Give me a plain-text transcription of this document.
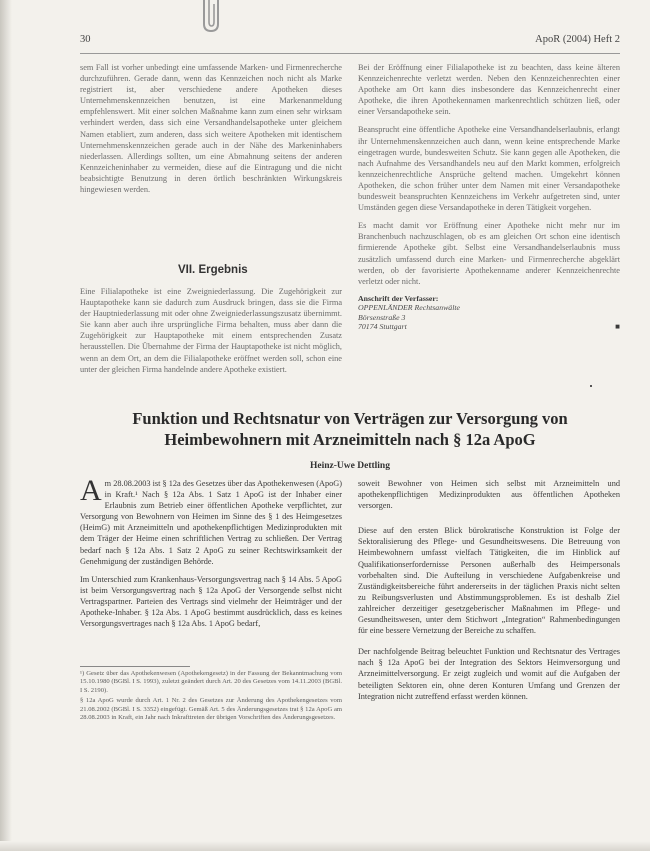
30	ApoR (2004) Heft 2

sem Fall ist vorher unbedingt eine umfassende Marken- und Firmenrecherche durchzuführen. Gerade dann, wenn das Kennzeichen noch nicht als Marke registriert ist, aber verschiedene andere Apotheken dieses Unternehmenskennzeichen benutzen, ist eine Markenanmeldung empfehlenswert. Mit einer solchen Maßnahme kann zum einen sehr wirksam verhindert werden, dass sich eine Versandhandelsapotheke unter gleichem Namen etabliert, zum anderen, dass sich weitere Apotheken mit identischem Unternehmenskennzeichen gerade auch in der Nähe des Markeninhabers niederlassen. Allerdings sollten, um eine Abmahnung seitens der anderen Kennzeicheninhaber zu vermeiden, diese auf die Eintragung und die nicht beabsichtigte Benutzung in deren örtlich beschränkten Wirkungskreis hingewiesen werden.

VII. Ergebnis

Eine Filialapotheke ist eine Zweigniederlassung. Die Zugehörigkeit zur Hauptapotheke kann sie dadurch zum Ausdruck bringen, dass sie die Firma der Hauptniederlassung mit oder ohne Zweigniederlassungszusatz übernimmt. Sie kann aber auch ihre ursprüngliche Firma behalten, muss aber dann die Zugehörigkeit zur Hauptapotheke mit einem entsprechenden Zusatz herausstellen. Die Übernahme der Firma der Hauptapotheke ist nicht möglich, wenn an dem Ort, an dem die Filialapotheke eröffnet werden soll, schon eine unter der gleichen Firma handelnde andere Apotheke existiert.

Bei der Eröffnung einer Filialapotheke ist zu beachten, dass keine älteren Kennzeichenrechte verletzt werden. Neben den Kennzeichenrechten einer Apotheke am Ort kann dies insbesondere das Kennzeichenrecht einer Apotheke, die ihren Apothekennamen markenrechtlich schützen ließ, oder einer Versandapotheke sein.

Beansprucht eine öffentliche Apotheke eine Versandhandelserlaubnis, erlangt ihr Unternehmenskennzeichen auch dann, wenn keine entsprechende Marke eingetragen wurde, bundesweiten Schutz. Sie kann gegen alle Apotheken, die nach Aufnahme des Versandhandels neu auf den Markt kommen, erfolgreich kennzeichenrechtliche Ansprüche geltend machen. Umgekehrt können Apotheken, die schon früher unter dem Namen mit einer Versandapotheke bundesweit beanspruchten Kennzeichens im Verkehr aufgetreten sind, unter Umständen gegen diese Versandapotheke in deren Tätigkeit vorgehen.

Es macht damit vor Eröffnung einer Apotheke nicht mehr nur im Branchenbuch nachzuschlagen, ob es am gleichen Ort schon eine identisch firmierende Apotheke gibt. Selbst eine Versandhandelserlaubnis muss zusätzlich umfassend durch eine Marken- und Firmenrecherche abgeklärt werden, ob der favorisierte Apothekenname anderer Kennzeichenrechte verletzt oder nicht.

Anschrift der Verfasser:
OPPENLÄNDER Rechtsanwälte
Börsenstraße 3
70174 Stuttgart	■
Funktion und Rechtsnatur von Verträgen zur Versorgung von
Heimbewohnern mit Arzneimitteln nach § 12a ApoG
Heinz-Uwe Dettling

Am 28.08.2003 ist § 12a des Gesetzes über das Apothekenwesen (ApoG) in Kraft.¹ Nach § 12a Abs. 1 Satz 1 ApoG ist der Inhaber einer Erlaubnis zum Betrieb einer öffentlichen Apotheke verpflichtet, zur Versorgung von Bewohnern von Heimen im Sinne des § 1 des Heimgesetzes (HeimG) mit Arzneimitteln und apothekenpflichtigen Medizinprodukten mit dem Träger der Heime einen schriftlichen Vertrag zu schließen. Der Vertrag bedarf nach § 12a Abs. 1 Satz 2 ApoG zu seiner Rechtswirksamkeit der Genehmigung der zuständigen Behörde.

Im Unterschied zum Krankenhaus-Versorgungsvertrag nach § 14 Abs. 5 ApoG ist beim Versorgungsvertrag nach § 12a ApoG der Versorgende selbst nicht Vertragspartner. Parteien des Vertrags sind vielmehr der Heimträger und der Apotheke-Inhaber. § 12a Abs. 1 ApoG bestimmt ausdrücklich, dass es keines Versorgungsvertrages nach § 12a Abs. 1 ApoG bedarf,

¹) Gesetz über das Apothekenwesen (Apothekengesetz) in der Fassung der Bekanntmachung vom 15.10.1980 (BGBl. I S. 1993), zuletzt geändert durch Art. 20 des Gesetzes vom 14.11.2003 (BGBl. I S. 2190).

§ 12a ApoG wurde durch Art. 1 Nr. 2 des Gesetzes zur Änderung des Apothekengesetzes vom 21.08.2002 (BGBl. I S. 3352) eingefügt. Gemäß Art. 5 des Änderungsgesetzes trat § 12a ApoG am 28.08.2003 in Kraft, ein Jahr nach Inkrafttreten der übrigen Vorschriften des Änderungsgesetzes.

soweit Bewohner von Heimen sich selbst mit Arzneimitteln und apothekenpflichtigen Medizinprodukten aus öffentlichen Apotheken versorgen.

Diese auf den ersten Blick bürokratische Konstruktion ist Folge der Sektoralisierung des Pflege- und Gesundheitswesens. Die Betreuung von Heimbewohnern umfasst vielfach Tätigkeiten, die im Hinblick auf Qualifikationserfordernisse Personen außerhalb des Heimpersonals vorbehalten sind. Die Aufteilung in verschiedene Aufgabenkreise und Zuständigkeitsbereiche führt andererseits in der täglichen Praxis nicht selten zu Reibungsverlusten und Abstimmungsproblemen. Es ist deshalb Ziel zahlreicher derzeitiger gesetzgeberischer Maßnahmen im Pflege- und Gesundheitswesen, unter dem Stichwort „Integration“ Rahmenbedingungen für eine bessere Vernetzung der Bereiche zu schaffen.

Der nachfolgende Beitrag beleuchtet Funktion und Rechtsnatur des Vertrages nach § 12a ApoG bei der Integration des Sektors Heimversorgung und Arzneimittelversorgung. Er zeigt zugleich und womit auf die Aufgaben der beteiligten Sektoren ein, ohne deren Konturen Umfang und Grenzen der Integration nicht zutreffend erfasst werden können.
